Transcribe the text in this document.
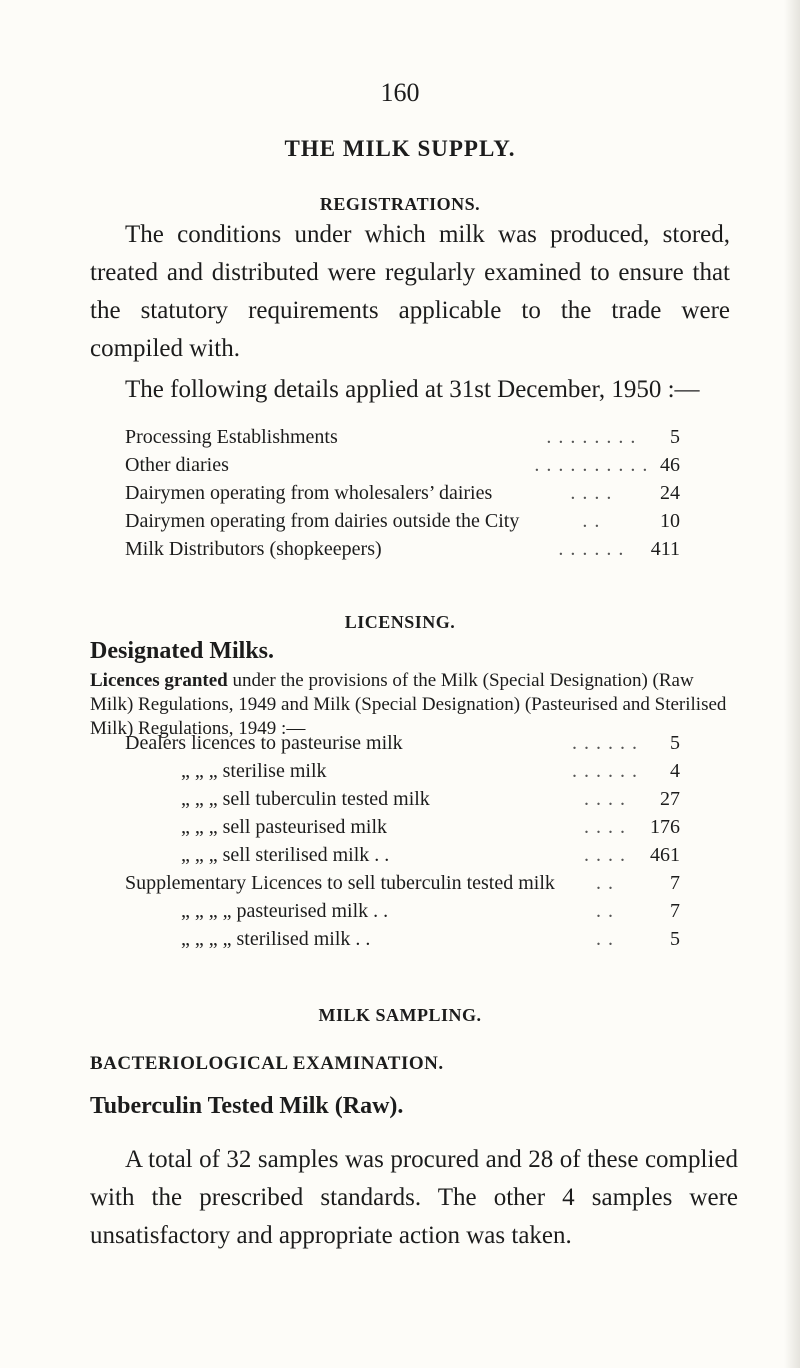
160
THE MILK SUPPLY.
REGISTRATIONS.
The conditions under which milk was produced, stored, treated and distributed were regularly examined to ensure that the statutory requirements applicable to the trade were compiled with.
The following details applied at 31st December, 1950 :—
Processing Establishments	. . . . . . . .	5
Other diaries	. . . . . . . . . .	46
Dairymen operating from wholesalers’ dairies	. . . .	24
Dairymen operating from dairies outside the City	. .	10
Milk Distributors (shopkeepers)	. . . . . .	411
LICENSING.
Designated Milks.
Licences granted under the provisions of the Milk (Special Designation) (Raw Milk) Regulations, 1949 and Milk (Special Designation) (Pasteurised and Sterilised Milk) Regulations, 1949 :—
Dealers licences to pasteurise milk	. . . . . .	5
„ „ „ sterilise milk	. . . . . .	4
„ „ „ sell tuberculin tested milk	. . . .	27
„ „ „ sell pasteurised milk	. . . .	176
„ „ „ sell sterilised milk . .	. . . .	461
Supplementary Licences to sell tuberculin tested milk	. .	7
„ „ „ „ pasteurised milk . .	. .	7
„ „ „ „ sterilised milk . .	. .	5
MILK SAMPLING.
BACTERIOLOGICAL EXAMINATION.
Tuberculin Tested Milk (Raw).
A total of 32 samples was procured and 28 of these complied with the prescribed standards. The other 4 samples were unsatisfactory and appropriate action was taken.
